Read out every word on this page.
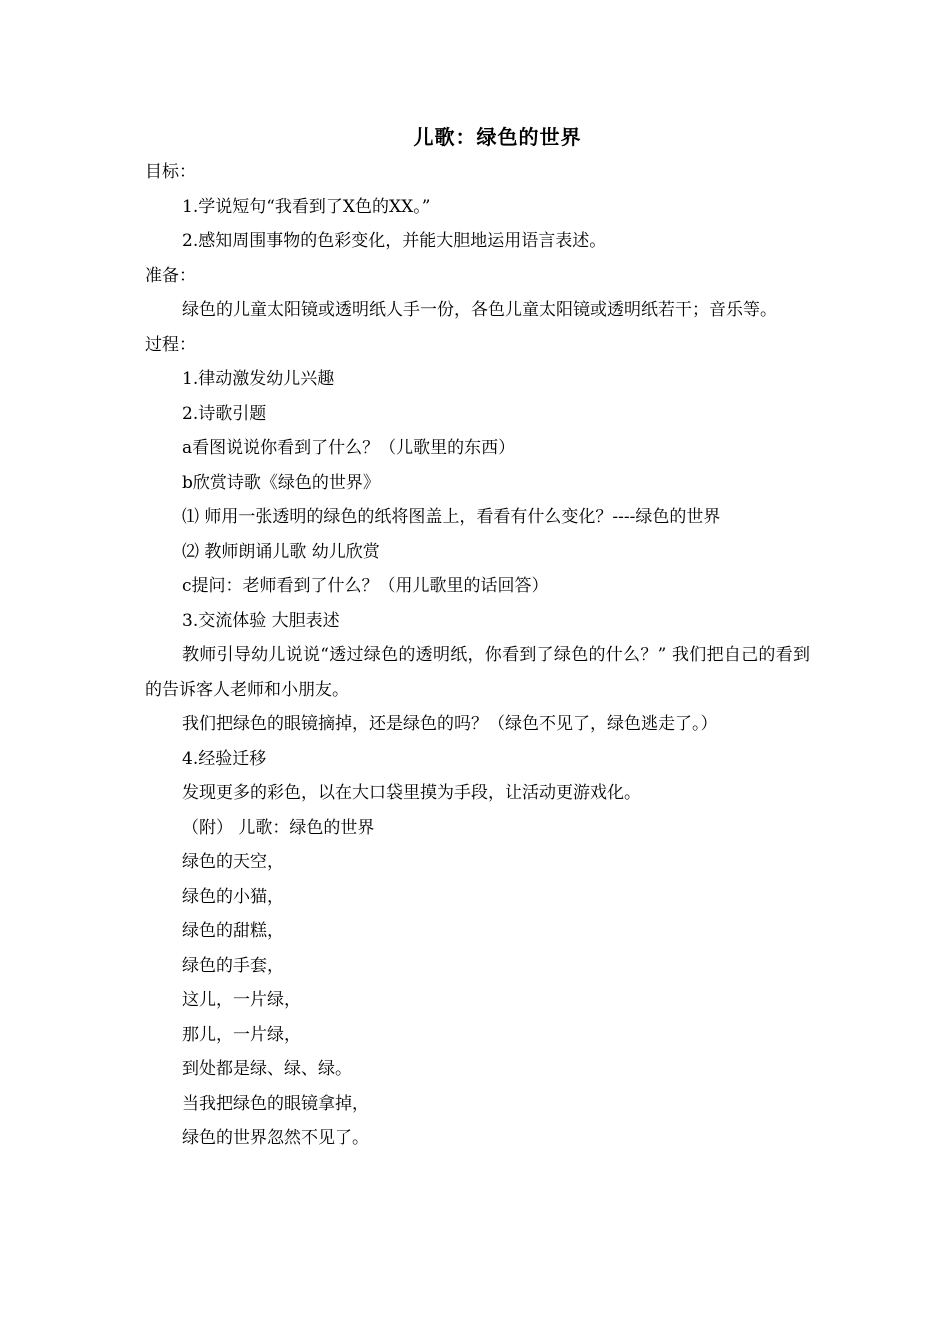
儿歌：绿色的世界
目标：
1.学说短句“我看到了X色的XX。”
2.感知周围事物的色彩变化，并能大胆地运用语言表述。
准备：
绿色的儿童太阳镜或透明纸人手一份，各色儿童太阳镜或透明纸若干；音乐等。
过程：
1.律动激发幼儿兴趣
2.诗歌引题
a看图说说你看到了什么？（儿歌里的东西）
b欣赏诗歌《绿色的世界》
⑴ 师用一张透明的绿色的纸将图盖上，看看有什么变化？----绿色的世界
⑵ 教师朗诵儿歌 幼儿欣赏
c提问：老师看到了什么？（用儿歌里的话回答）
3.交流体验 大胆表述
教师引导幼儿说说“透过绿色的透明纸，你看到了绿色的什么？” 我们把自己的看到的告诉客人老师和小朋友。
我们把绿色的眼镜摘掉，还是绿色的吗？（绿色不见了，绿色逃走了。）
4.经验迁移
发现更多的彩色，以在大口袋里摸为手段，让活动更游戏化。
（附） 儿歌：绿色的世界
绿色的天空，
绿色的小猫，
绿色的甜糕，
绿色的手套，
这儿，一片绿，
那儿，一片绿，
到处都是绿、绿、绿。
当我把绿色的眼镜拿掉，
绿色的世界忽然不见了。
